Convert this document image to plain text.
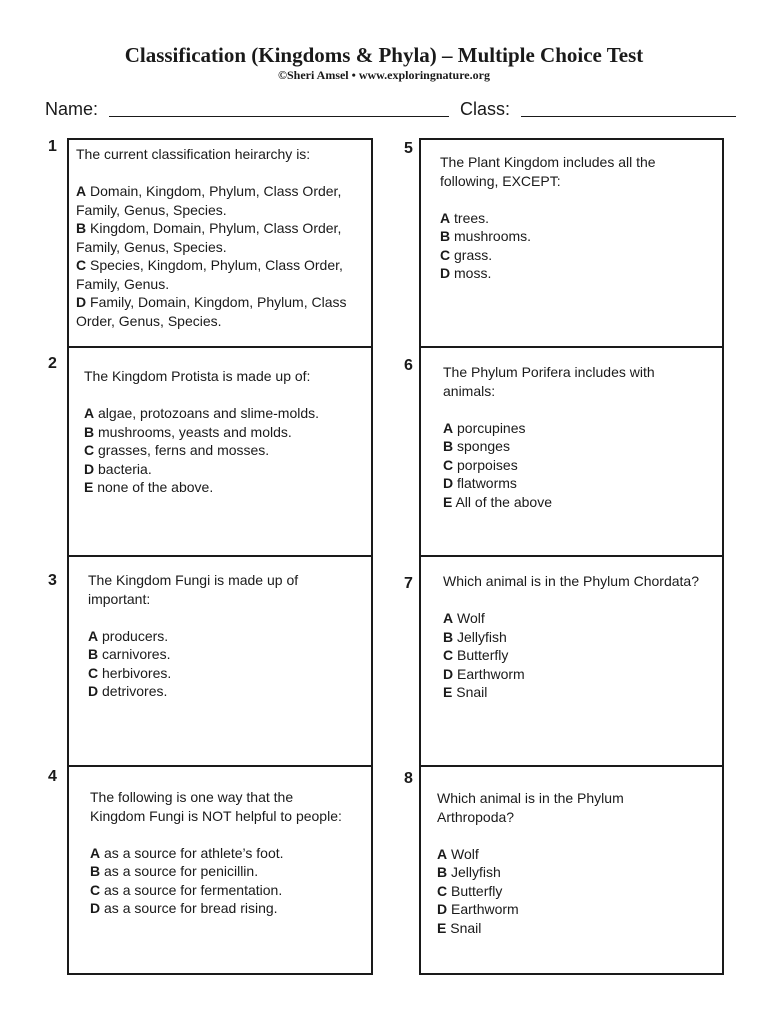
Classification (Kingdoms & Phyla) – Multiple Choice Test
©Sheri Amsel • www.exploringnature.org
Name:	Class:
1
2
3
4
5
6
7
8

The current classification heirarchy is:

A Domain, Kingdom, Phylum, Class Order, Family, Genus, Species.

B Kingdom, Domain, Phylum, Class Order, Family, Genus, Species.

C Species, Kingdom, Phylum, Class Order, Family, Genus.

D Family, Domain, Kingdom, Phylum, Class Order, Genus, Species.

The Kingdom Protista is made up of:

A algae, protozoans and slime-molds.

B mushrooms, yeasts and molds.

C grasses, ferns and mosses.

D bacteria.

E none of the above.

The Kingdom Fungi is made up of important:

A producers.

B carnivores.

C herbivores.

D detrivores.

The following is one way that the Kingdom Fungi is NOT helpful to people:

A as a source for athlete’s foot.

B as a source for penicillin.

C as a source for fermentation.

D as a source for bread rising.

The Plant Kingdom includes all the following, EXCEPT:

A trees.

B mushrooms.

C grass.

D moss.

The Phylum Porifera includes with animals:

A porcupines

B sponges

C porpoises

D flatworms

E All of the above

Which animal is in the Phylum Chordata?

A Wolf

B Jellyfish

C Butterfly

D Earthworm

E Snail

Which animal is in the Phylum Arthropoda?

A Wolf

B Jellyfish

C Butterfly

D Earthworm

E Snail
